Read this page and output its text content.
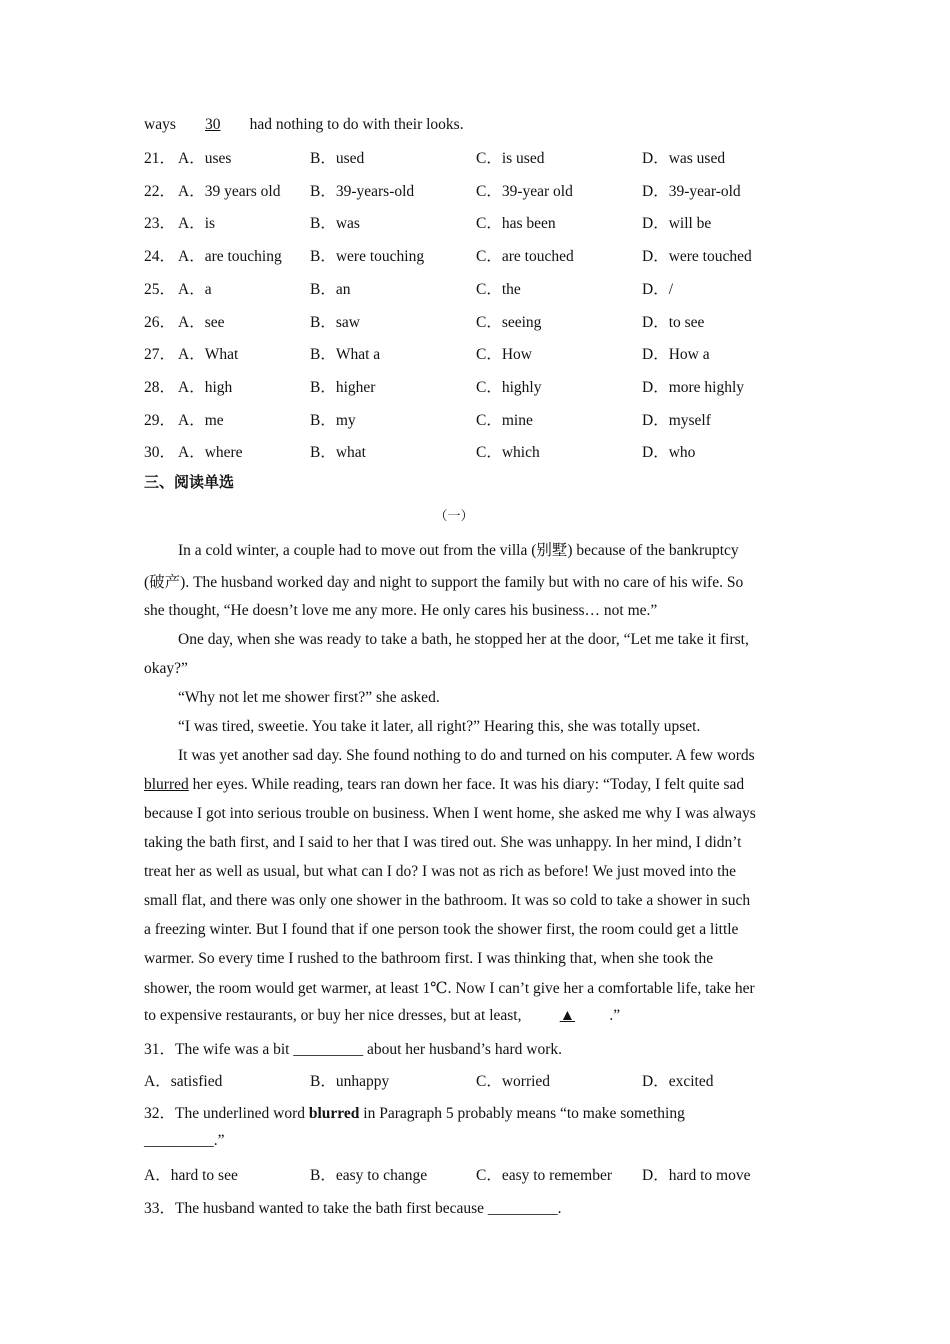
ways 30 had nothing to do with their looks.
21． A．uses	B．used	C．is used	D．was used
22． A．39 years old B．39-years-old	C．39-year old	D．39-year-old
23． A．is	B．was	C．has been	D．will be
24． A．are touching B．were touching	C．are touched	D．were touched
25． A．a	B．an	C．the	D．/
26． A．see	B．saw	C．seeing	D．to see
27． A．What	B．What a	C．How	D．How a
28． A．high	B．higher	C．highly	D．more highly
29． A．me	B．my	C．mine	D．myself
30． A．where	B．what	C．which	D．who
三、阅读单选
（一）
In a cold winter, a couple had to move out from the villa (别墅) because of the bankruptcy
(破产). The husband worked day and night to support the family but with no care of his wife. So
she thought, “He doesn’t love me any more. He only cares his business… not me.”
One day, when she was ready to take a bath, he stopped her at the door, “Let me take it first,
okay?”
“Why not let me shower first?” she asked.
“I was tired, sweetie. You take it later, all right?” Hearing this, she was totally upset.
It was yet another sad day. She found nothing to do and turned on his computer. A few words
blurred her eyes. While reading, tears ran down her face. It was his diary: “Today, I felt quite sad
because I got into serious trouble on business. When I went home, she asked me why I was always
taking the bath first, and I said to her that I was tired out. She was unhappy. In her mind, I didn’t
treat her as well as usual, but what can I do? I was not as rich as before! We just moved into the
small flat, and there was only one shower in the bathroom. It was so cold to take a shower in such
a freezing winter. But I found that if one person took the shower first, the room could get a little
warmer. So every time I rushed to the bathroom first. I was thinking that, when she took the
shower, the room would get warmer, at least 1℃. Now I can’t give her a comfortable life, take her
to expensive restaurants, or buy her nice dresses, but at least, ▲ .”
31．The wife was a bit _________ about her husband’s hard work.
A．satisfied	B．unhappy	C．worried	D．excited
32．The underlined word blurred in Paragraph 5 probably means “to make something
_________.”
A．hard to see	B．easy to change	C．easy to remember D．hard to move
33．The husband wanted to take the bath first because _________.
